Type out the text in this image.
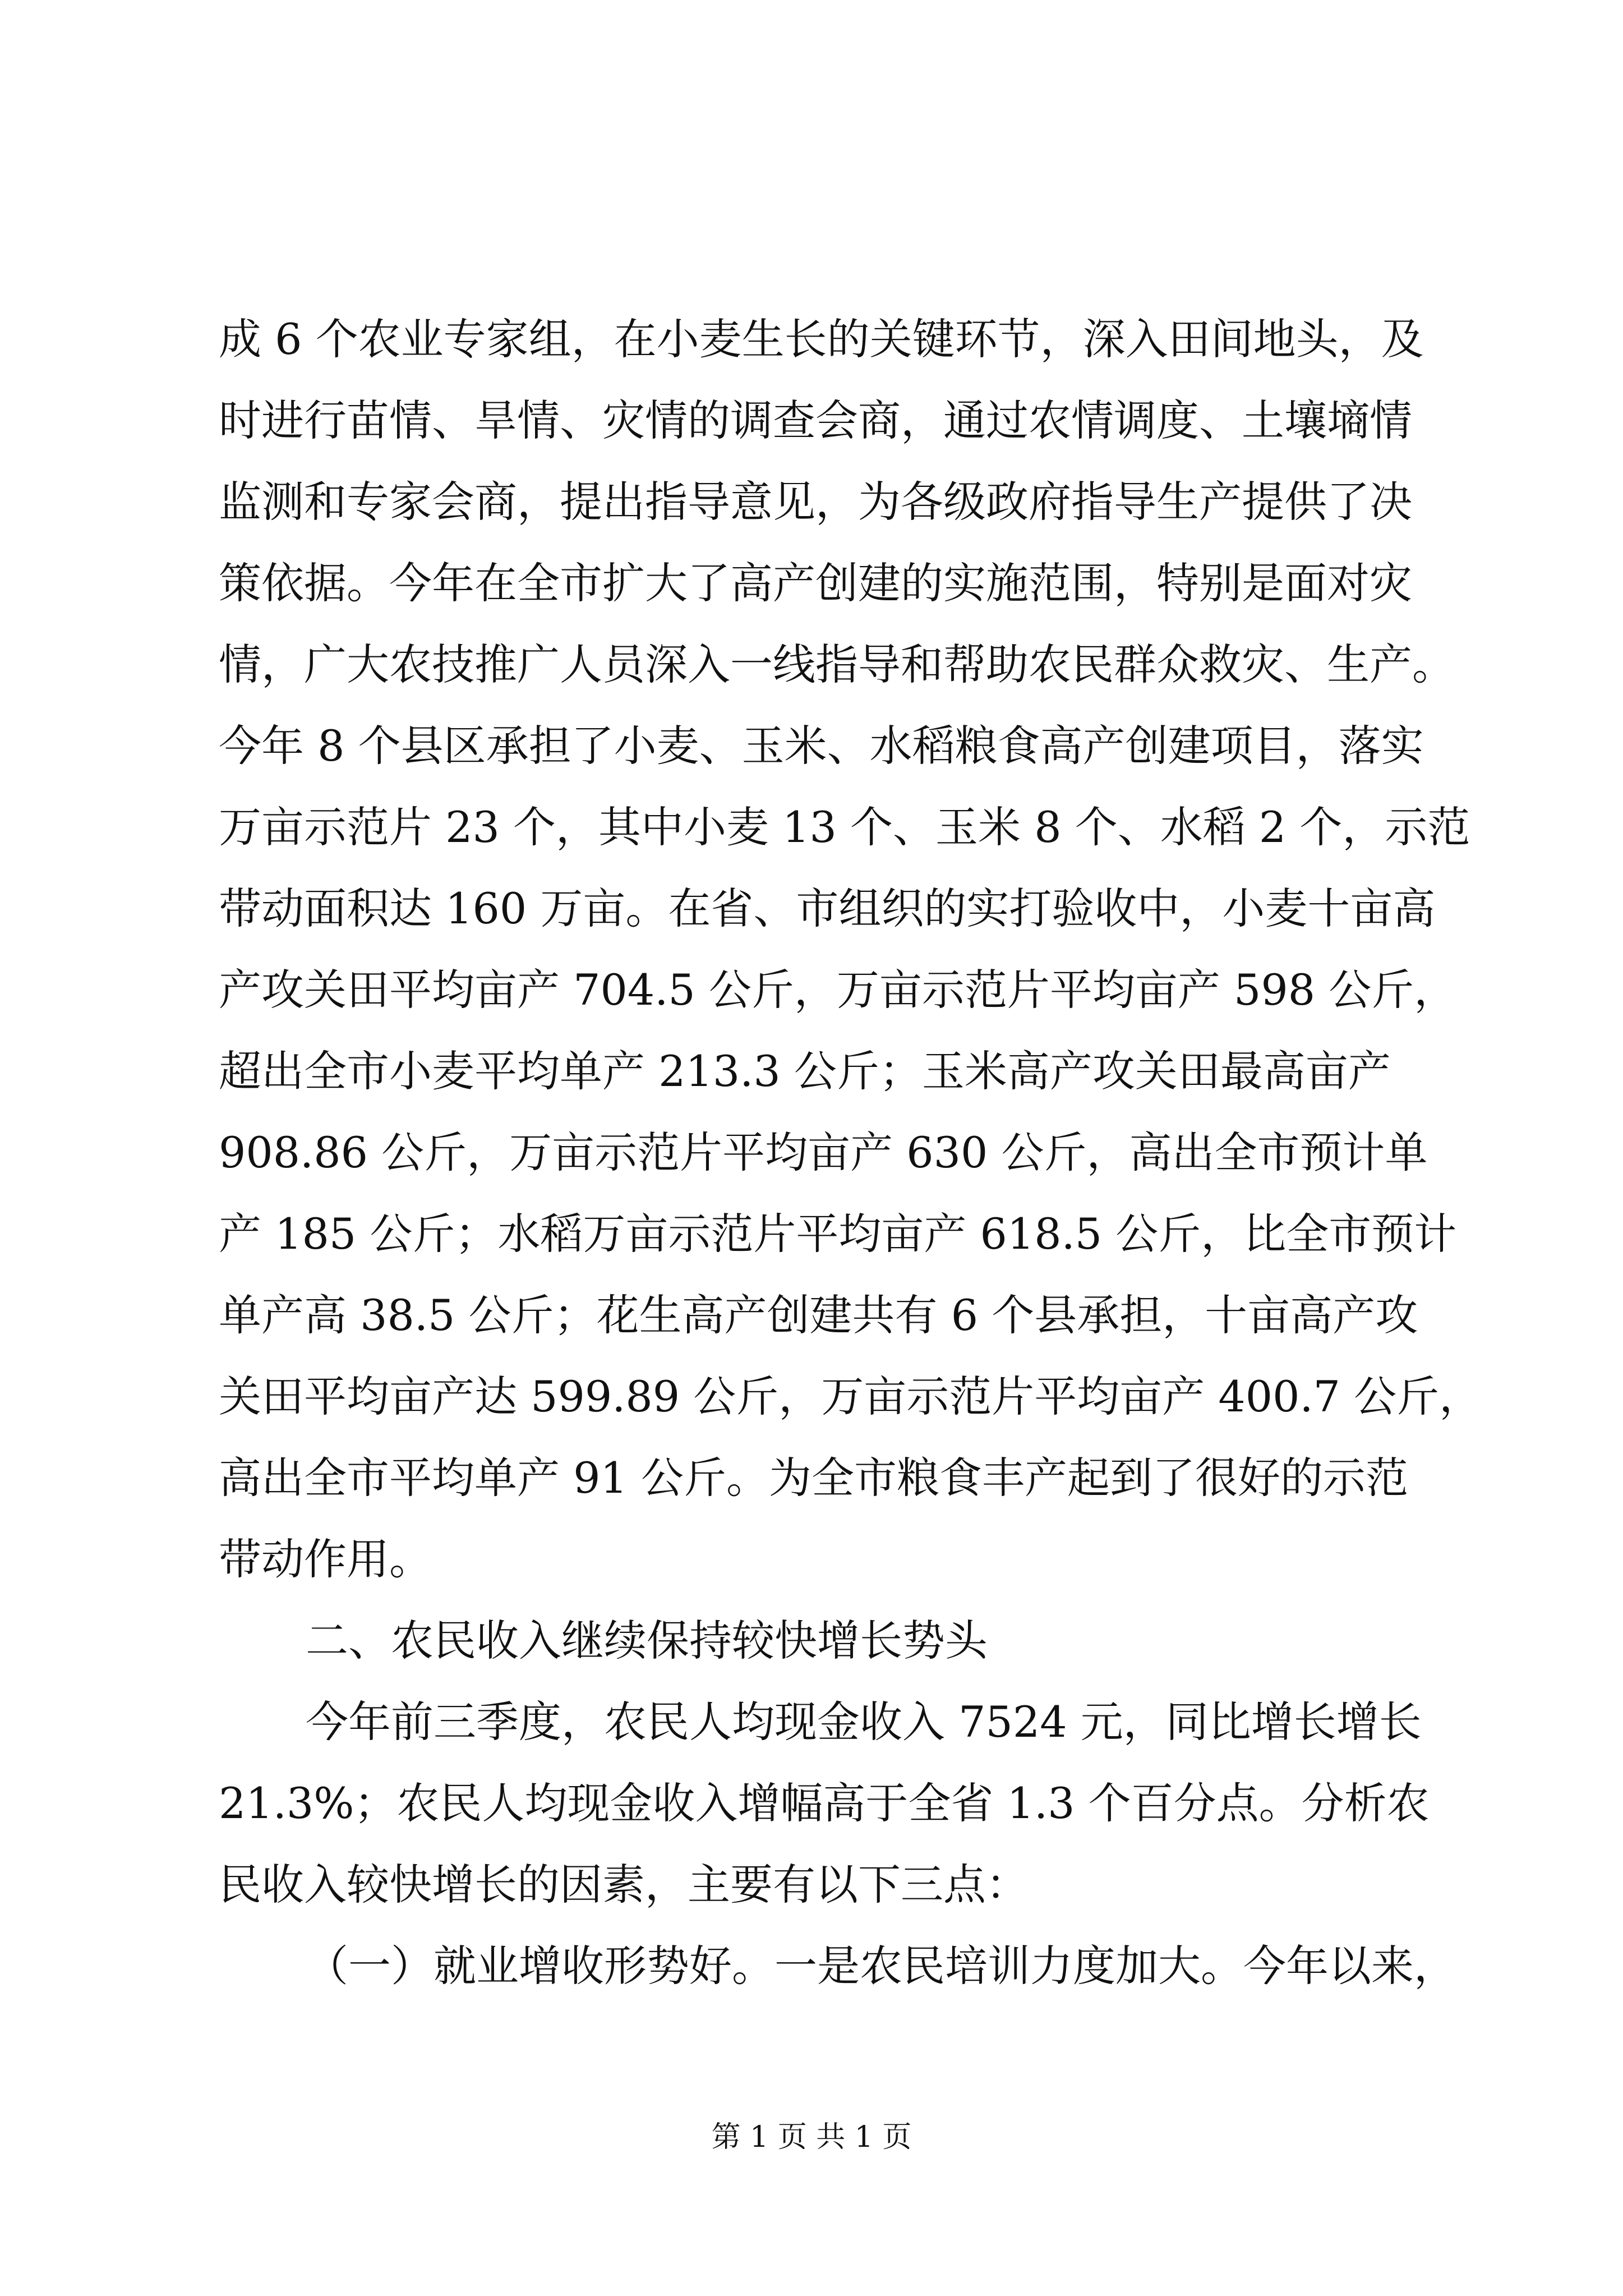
成 6 个农业专家组，在小麦生长的关键环节，深入田间地头，及
时进行苗情、旱情、灾情的调查会商，通过农情调度、土壤墒情
监测和专家会商，提出指导意见，为各级政府指导生产提供了决
策依据。今年在全市扩大了高产创建的实施范围，特别是面对灾
情，广大农技推广人员深入一线指导和帮助农民群众救灾、生产。
今年 8 个县区承担了小麦、玉米、水稻粮食高产创建项目，落实
万亩示范片 23 个，其中小麦 13 个、玉米 8 个、水稻 2 个，示范
带动面积达 160 万亩。在省、市组织的实打验收中，小麦十亩高
产攻关田平均亩产 704.5 公斤，万亩示范片平均亩产 598 公斤，
超出全市小麦平均单产 213.3 公斤；玉米高产攻关田最高亩产
908.86 公斤，万亩示范片平均亩产 630 公斤，高出全市预计单
产 185 公斤；水稻万亩示范片平均亩产 618.5 公斤，比全市预计
单产高 38.5 公斤；花生高产创建共有 6 个县承担，十亩高产攻
关田平均亩产达 599.89 公斤，万亩示范片平均亩产 400.7 公斤，
高出全市平均单产 91 公斤。为全市粮食丰产起到了很好的示范
带动作用。
二、农民收入继续保持较快增长势头
今年前三季度，农民人均现金收入 7524 元，同比增长增长
21.3%；农民人均现金收入增幅高于全省 1.3 个百分点。分析农
民收入较快增长的因素，主要有以下三点：
（一）就业增收形势好。一是农民培训力度加大。今年以来，
第 1 页 共 1 页
